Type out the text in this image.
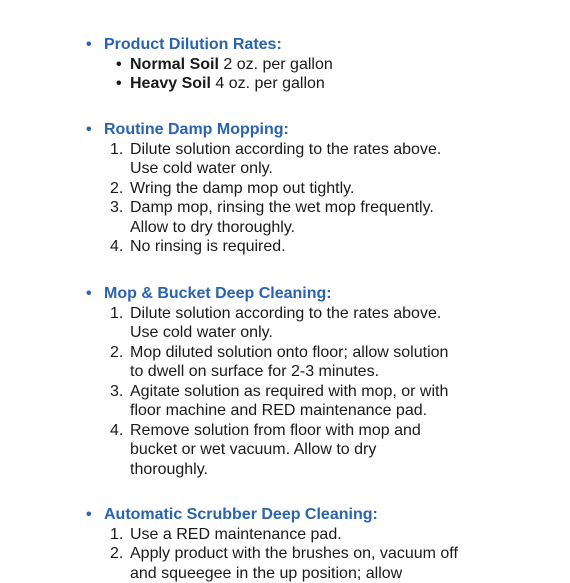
• Product Dilution Rates:
• Normal Soil 2 oz. per gallon
• Heavy Soil 4 oz. per gallon
• Routine Damp Mopping:
1. Dilute solution according to the rates above.
Use cold water only.
2. Wring the damp mop out tightly.
3. Damp mop, rinsing the wet mop frequently.
Allow to dry thoroughly.
4. No rinsing is required.
• Mop & Bucket Deep Cleaning:
1. Dilute solution according to the rates above.
Use cold water only.
2. Mop diluted solution onto floor; allow solution
to dwell on surface for 2-3 minutes.
3. Agitate solution as required with mop, or with
floor machine and RED maintenance pad.
4. Remove solution from floor with mop and
bucket or wet vacuum. Allow to dry
thoroughly.
• Automatic Scrubber Deep Cleaning:
1. Use a RED maintenance pad.
2. Apply product with the brushes on, vacuum off
and squeegee in the up position; allow
